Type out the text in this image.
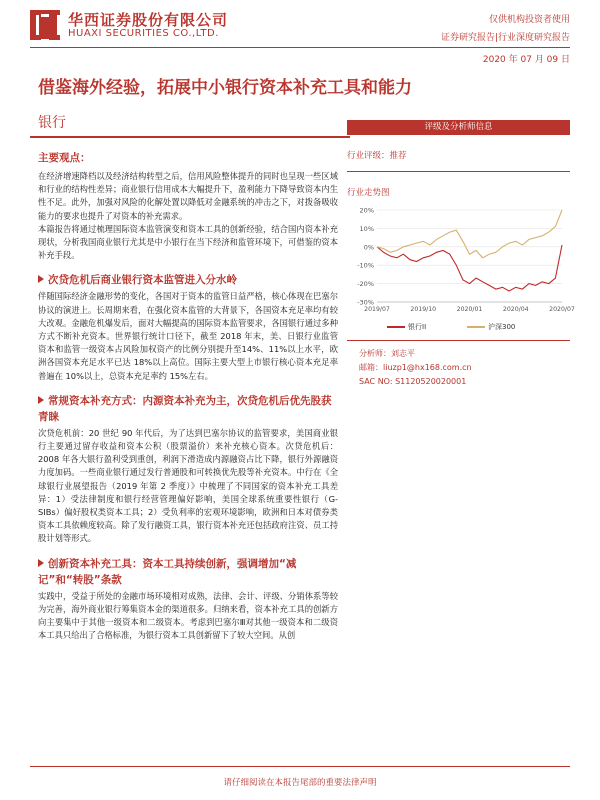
华西证券股份有限公司
HUAXI SECURITIES CO.,LTD.
仅供机构投资者使用
证券研究报告|行业深度研究报告
2020 年 07 月 09 日
借鉴海外经验，拓展中小银行资本补充工具和能力
银行
主要观点：

在经济增速降档以及经济结构转型之后，信用风险整体提升的同时也呈现一些区域和行业的结构性差异；商业银行信用成本大幅提升下，盈利能力下降导致资本内生性不足。此外，加强对风险的化解处置以降低对金融系统的冲击之下，对拨备吸收能力的要求也提升了对资本的补充需求。

本篇报告将通过梳理国际资本监管演变和资本工具的创新经验，结合国内资本补充现状，分析我国商业银行尤其是中小银行在当下经济和监管环境下，可借鉴的资本补充手段。

次贷危机后商业银行资本监管进入分水岭

伴随国际经济金融形势的变化，各国对于资本的监管日益严格，核心体现在巴塞尔协议的演进上。长周期来看，在强化资本监管的大背景下，各国资本充足率均有较大改观。金融危机爆发后，面对大幅提高的国际资本监管要求，各国银行通过多种方式不断补充资本。世界银行统计口径下，截至 2018 年末，美、日银行业监管资本和监管一级资本占风险加权资产的比例分别提升至14%、11%以上水平，欧洲各国资本充足水平已达 18%以上高位。国际主要大型上市银行核心资本充足率普遍在 10%以上，总资本充足率约 15%左右。

常规资本补充方式：内源资本补充为主，次贷危机后优先股获青睐

次贷危机前：20 世纪 90 年代后，为了达到巴塞尔协议的监管要求，美国商业银行主要通过留存收益和资本公积（股票溢价）来补充核心资本。次贷危机后：2008 年各大银行盈利受到重创，利润下滑造成内源融资占比下降，银行外源融资力度加码。一些商业银行通过发行普通股和可转换优先股等补充资本。中行在《全球银行业展望报告（2019 年第 2 季度）》中梳理了不同国家的资本补充工具差异：1）受法律制度和银行经营管理偏好影响，美国全球系统重要性银行（G-SIBs）偏好股权类资本工具；2）受负利率的宏观环境影响，欧洲和日本对债券类资本工具依赖度较高。除了发行融资工具，银行资本补充还包括政府注资、员工持股计划等形式。

创新资本补充工具：资本工具持续创新，强调增加“减记”和“转股”条款

实践中，受益于所处的金融市场环境相对成熟，法律、会计、评级、分销体系等较为完善，海外商业银行筹集资本金的渠道很多。归纳来看，资本补充工具的创新方向主要集中于其他一级资本和二级资本。考虑到巴塞尔Ⅲ对其他一级资本和二级资本工具只给出了合格标准，为银行资本工具创新留下了较大空间。从创

评级及分析师信息
行业评级：推荐
行业走势图
20%
10%
0%
-10%
-20%
-30%
2019/07	2019/10	2020/01	2020/04	2020/07
银行II	沪深300
分析师：刘志平
邮箱：liuzp1@hx168.com.cn
SAC NO: S1120520020001
请仔细阅读在本报告尾部的重要法律声明
